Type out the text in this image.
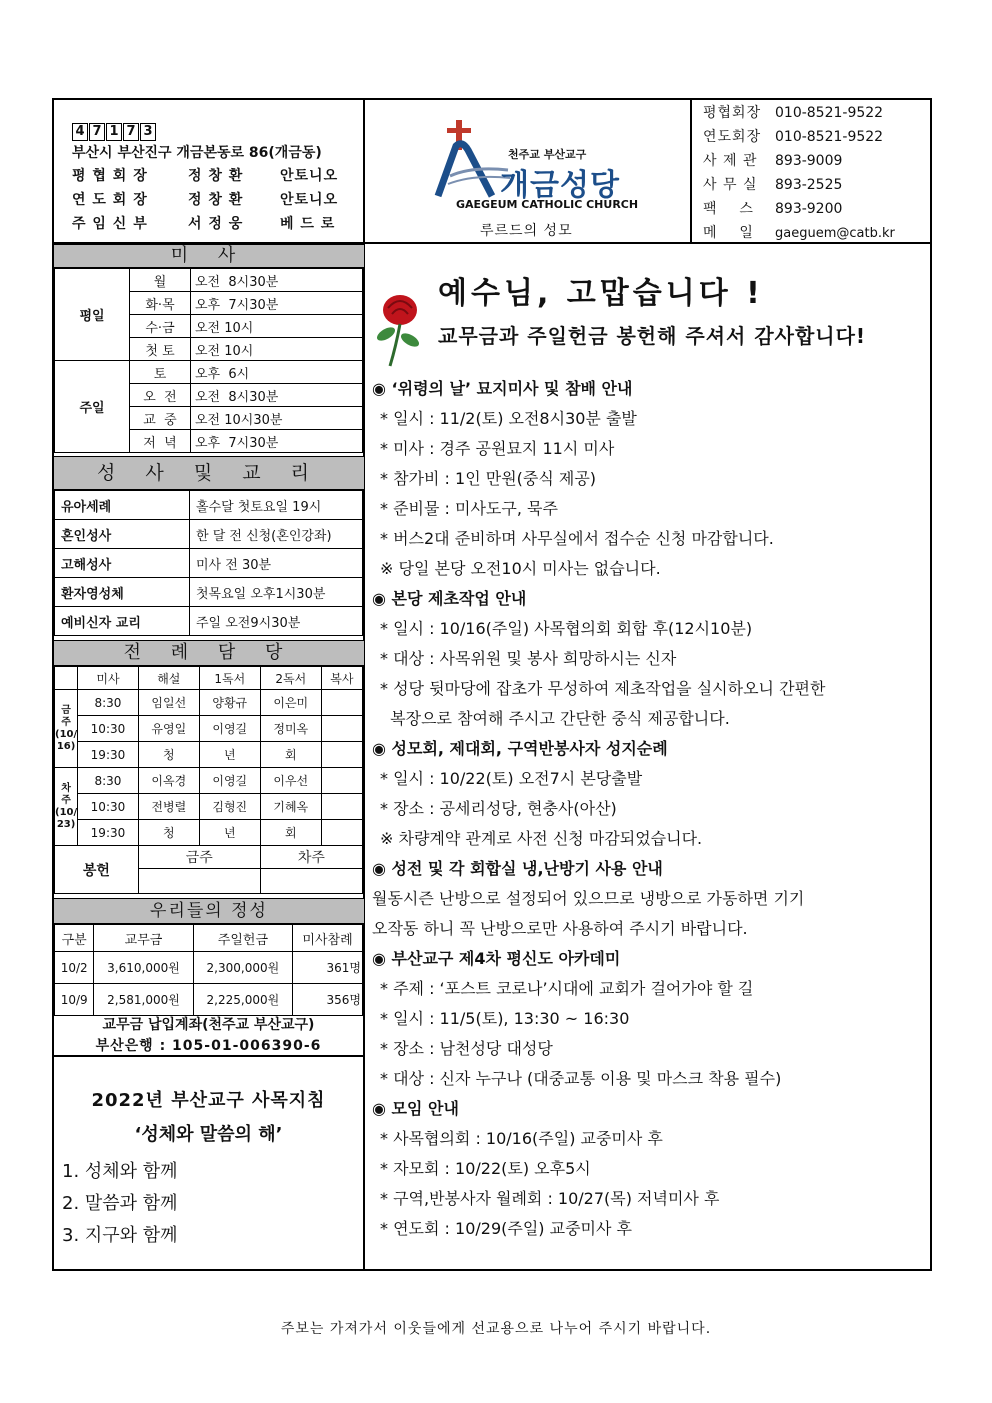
4 7 1 7 3
부산시 부산진구 개금본동로 86(개금동)
평 협 회 장	정 창 환	안토니오
연 도 회 장	정 창 환	안토니오
주 임 신 부	서 정 웅	베 드 로
천주교 부산교구
개금성당
GAEGEUM CATHOLIC CHURCH
루르드의 성모
미 사
평일	월	오전  8시30분
	화·목	오후  7시30분
	수·금	오전 10시
	첫 토	오전 10시
주일	토	오후  6시
	오  전	오전  8시30분
	교  중	오전 10시30분
	저  녁	오후  7시30분
성 사 및 교 리
유아세례	홀수달 첫토요일 19시
혼인성사	한 달 전 신청(혼인강좌)
고해성사	미사 전 30분
환자영성체	첫목요일 오후1시30분
예비신자 교리	주일 오전9시30분
전 례 담 당
	미사	해설	1독서	2독서	복사
금
주
(10/
16)	8:30	임일선	양황규	이은미	
	10:30	유영일	이영길	정미옥	
	19:30	청	년	회	
차
주
(10/
23)	8:30	이옥경	이영길	이우선	
	10:30	전병렬	김형진	기혜옥	
	19:30	청	년	회	
봉헌		금주		차주	

우리들의 정성
구분	교무금	주일헌금	미사참례
10/2	3,610,000원	2,300,000원	361명
10/9	2,581,000원	2,225,000원	356명
교무금 납입계좌(천주교 부산교구)
부산은행 : 105-01-006390-6
2022년 부산교구 사목지침
‘성체와 말씀의 해’
1. 성체와 함께
2. 말씀과 함께
3. 지구와 함께
예수님, 고맙습니다 !
교무금과 주일헌금 봉헌해 주셔서 감사합니다!
◉ ‘위령의 날’ 묘지미사 및 참배 안내
* 일시 : 11/2(토) 오전8시30분 출발
* 미사 : 경주 공원묘지 11시 미사
* 참가비 : 1인 만원(중식 제공)
* 준비물 : 미사도구, 묵주
* 버스2대 준비하며 사무실에서 접수순 신청 마감합니다.
※ 당일 본당 오전10시 미사는 없습니다.
◉ 본당 제초작업 안내
* 일시 : 10/16(주일) 사목협의회 회합 후(12시10분)
* 대상 : 사목위원 및 봉사 희망하시는 신자
* 성당 뒷마당에 잡초가 무성하여 제초작업을 실시하오니 간편한
복장으로 참여해 주시고 간단한 중식 제공합니다.
◉ 성모회, 제대회, 구역반봉사자 성지순례
* 일시 : 10/22(토) 오전7시 본당출발
* 장소 : 공세리성당, 현충사(아산)
※ 차량계약 관계로 사전 신청 마감되었습니다.
◉ 성전 및 각 회합실 냉,난방기 사용 안내
월동시즌 난방으로 설정되어 있으므로 냉방으로 가동하면 기기
오작동 하니 꼭 난방으로만 사용하여 주시기 바랍니다.
◉ 부산교구 제4차 평신도 아카데미
* 주제 : ‘포스트 코로나’시대에 교회가 걸어가야 할 길
* 일시 : 11/5(토), 13:30 ~ 16:30
* 장소 : 남천성당 대성당
* 대상 : 신자 누구나 (대중교통 이용 및 마스크 착용 필수)
◉ 모임 안내
* 사목협의회 : 10/16(주일) 교중미사 후
* 자모회 : 10/22(토) 오후5시
* 구역,반봉사자 월례회 : 10/27(목) 저녁미사 후
* 연도회 : 10/29(주일) 교중미사 후
주보는 가져가서 이웃들에게 선교용으로 나누어 주시기 바랍니다.
평협회장 010-8521-9522
연도회장 010-8521-9522
사 제 관 893-9009
사 무 실 893-2525
팩    스 893-9200
메    일 gaeguem@catb.kr
